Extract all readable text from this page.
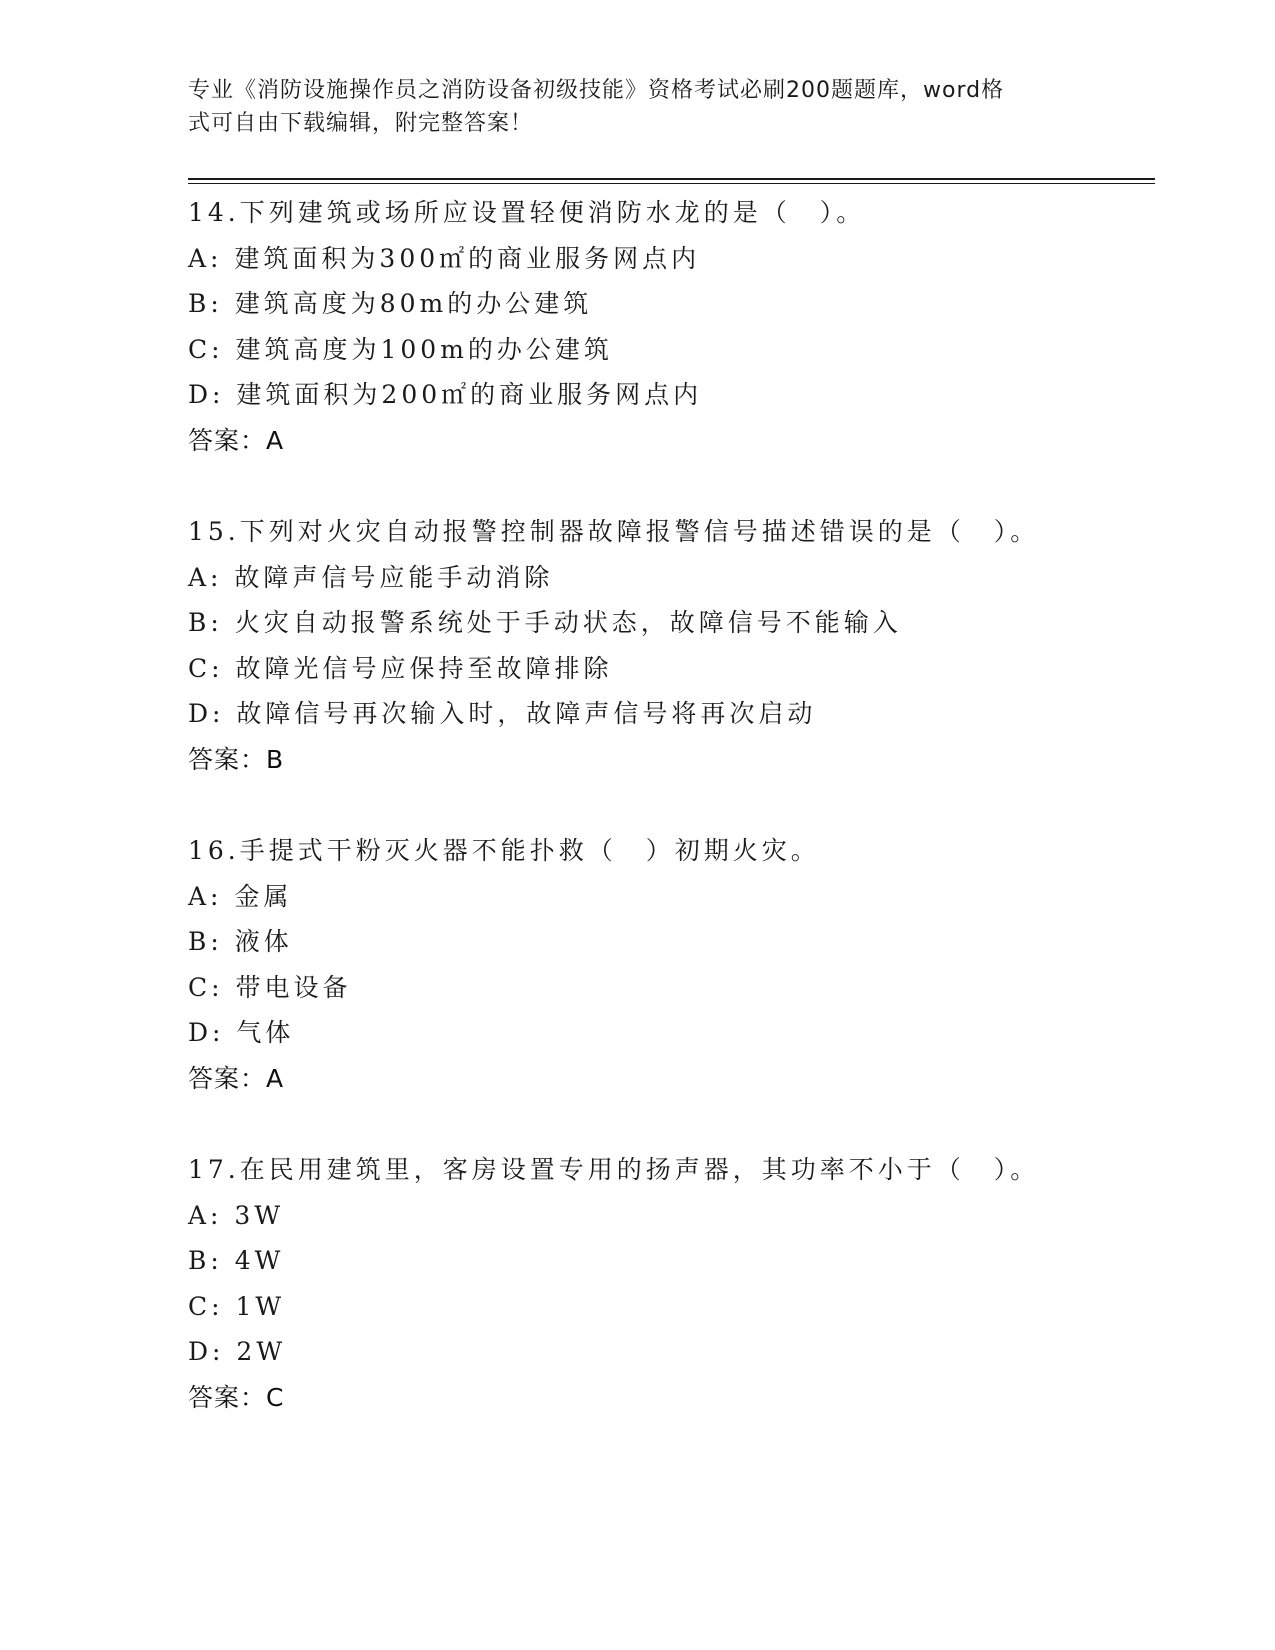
专业《消防设施操作员之消防设备初级技能》资格考试必刷200题题库，word格
式可自由下载编辑，附完整答案！
14.下列建筑或场所应设置轻便消防水龙的是（　）。
A: 建筑面积为300㎡的商业服务网点内
B: 建筑高度为80m的办公建筑
C: 建筑高度为100m的办公建筑
D: 建筑面积为200㎡的商业服务网点内
答案：A
15.下列对火灾自动报警控制器故障报警信号描述错误的是（　）。
A: 故障声信号应能手动消除
B: 火灾自动报警系统处于手动状态，故障信号不能输入
C: 故障光信号应保持至故障排除
D: 故障信号再次输入时，故障声信号将再次启动
答案：B
16.手提式干粉灭火器不能扑救（　）初期火灾。
A: 金属
B: 液体
C: 带电设备
D: 气体
答案：A
17.在民用建筑里，客房设置专用的扬声器，其功率不小于（　）。
A: 3W
B: 4W
C: 1W
D: 2W
答案：C
